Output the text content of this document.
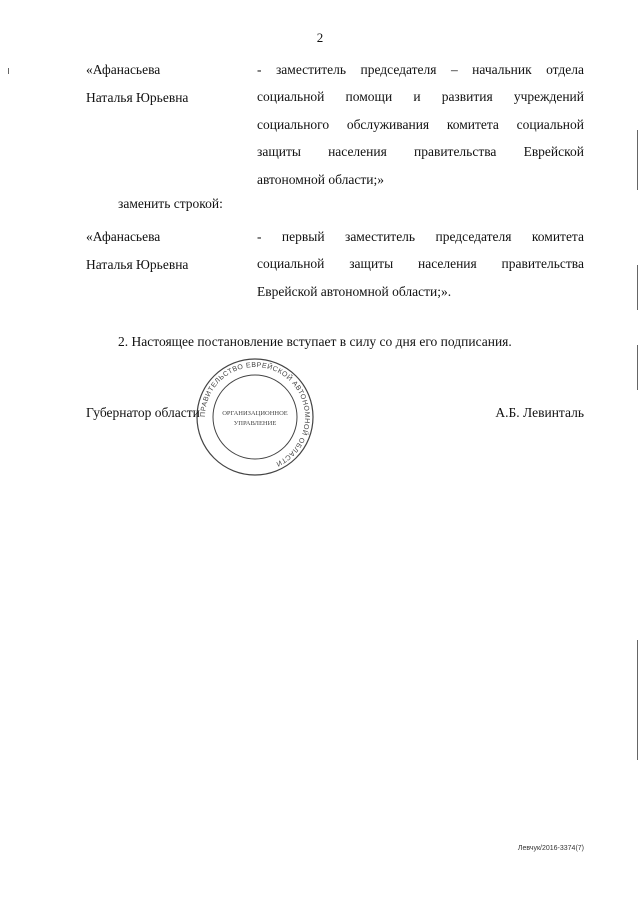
2
«Афанасьева
Наталья Юрьевна
- заместитель председателя – начальник отдела
социальной помощи и развития учреждений
социального обслуживания комитета социальной
защиты населения правительства Еврейской
автономной области;»
заменить строкой:
«Афанасьева
Наталья Юрьевна
- первый заместитель председателя комитета
социальной защиты населения правительства
Еврейской автономной области;».
2. Настоящее постановление вступает в силу со дня его подписания.
ПРАВИТЕЛЬСТВО ЕВРЕЙСКОЙ АВТОНОМНОЙ ОБЛАСТИ
ОРГАНИЗАЦИОННОЕ
УПРАВЛЕНИЕ
Губернатор области	А.Б. Левинталь
Левчук/2016-3374(7)
